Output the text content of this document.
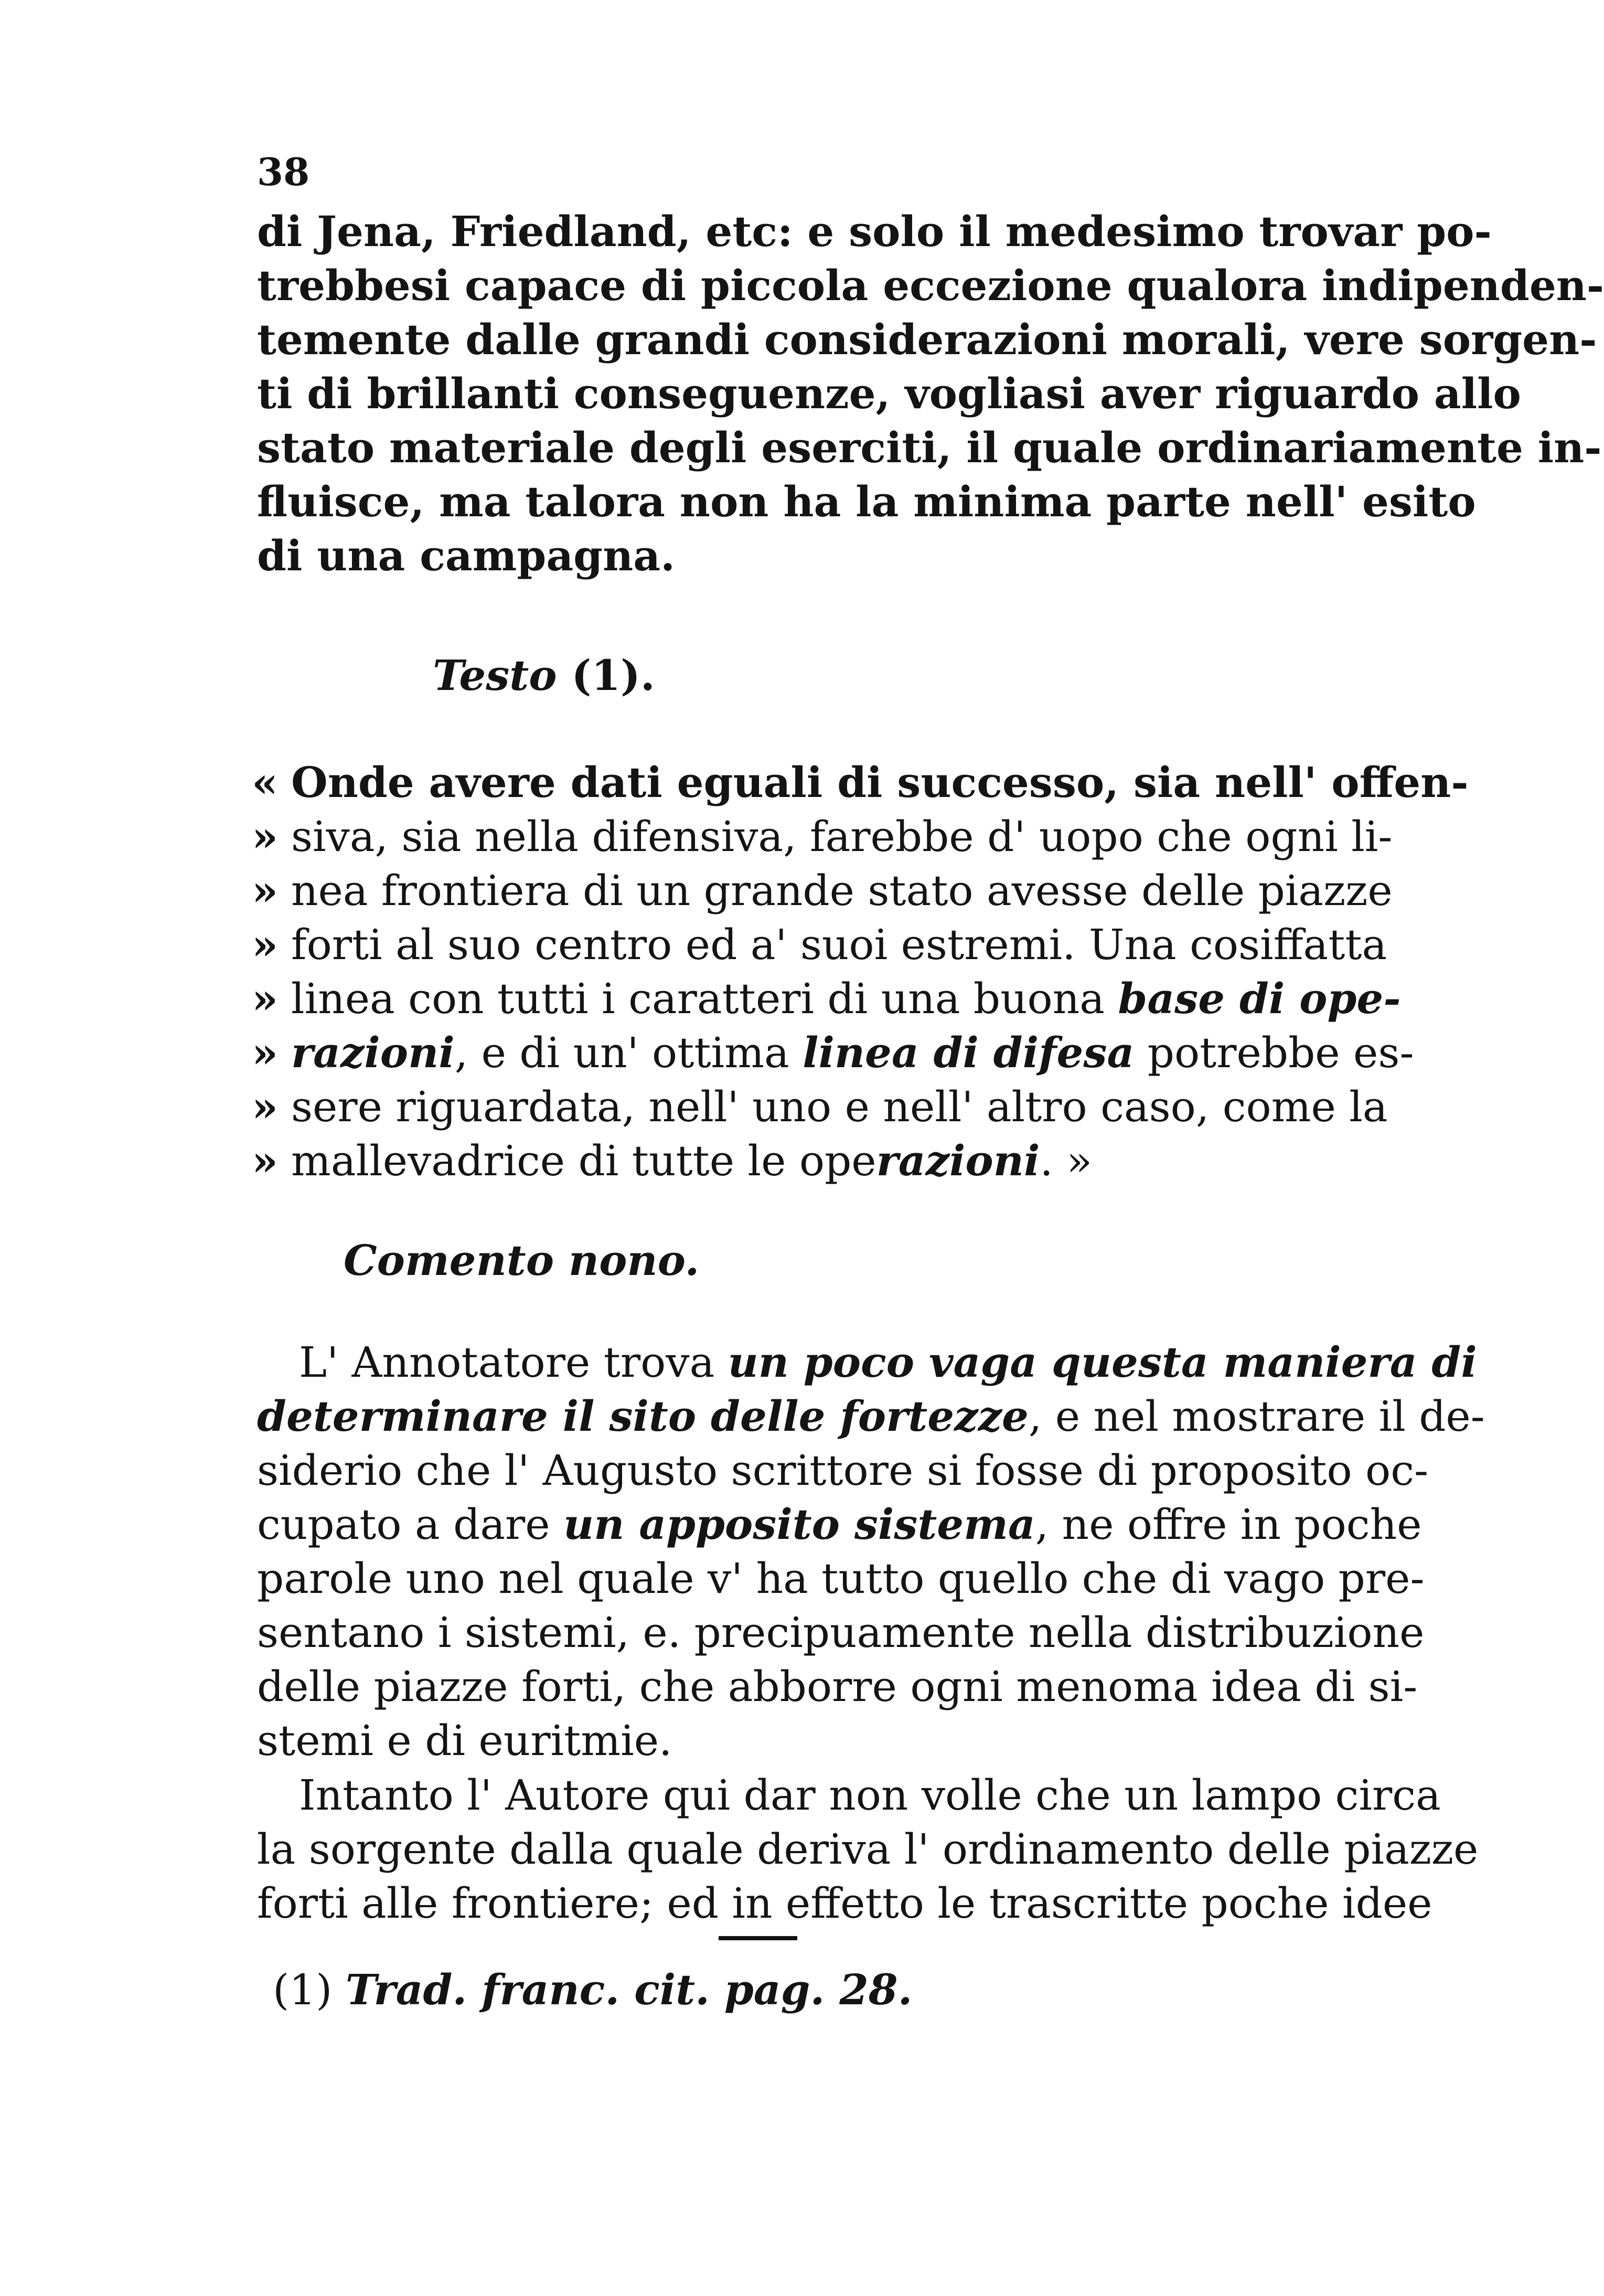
38
di Jena, Friedland, etc: e solo il medesimo trovar po-
trebbesi capace di piccola eccezione qualora indipenden-
temente dalle grandi considerazioni morali, vere sorgen-
ti di brillanti conseguenze, vogliasi aver riguardo allo
stato materiale degli eserciti, il quale ordinariamente in-
fluisce, ma talora non ha la minima parte nell' esito
di una campagna.
Testo (1).
« Onde avere dati eguali di successo, sia nell' offen-
» siva, sia nella difensiva, farebbe d' uopo che ogni li-
» nea frontiera di un grande stato avesse delle piazze
» forti al suo centro ed a' suoi estremi. Una cosiffatta
» linea con tutti i caratteri di una buona base di ope-
» razioni, e di un' ottima linea di difesa potrebbe es-
» sere riguardata, nell' uno e nell' altro caso, come la
» mallevadrice di tutte le operazioni. »
Comento nono.
L' Annotatore trova un poco vaga questa maniera di
determinare il sito delle fortezze, e nel mostrare il de-
siderio che l' Augusto scrittore si fosse di proposito oc-
cupato a dare un apposito sistema, ne offre in poche
parole uno nel quale v' ha tutto quello che di vago pre-
sentano i sistemi, e. precipuamente nella distribuzione
delle piazze forti, che abborre ogni menoma idea di si-
stemi e di euritmie.
Intanto l' Autore qui dar non volle che un lampo circa
la sorgente dalla quale deriva l' ordinamento delle piazze
forti alle frontiere; ed in effetto le trascritte poche idee
(1) Trad. franc. cit. pag. 28.
